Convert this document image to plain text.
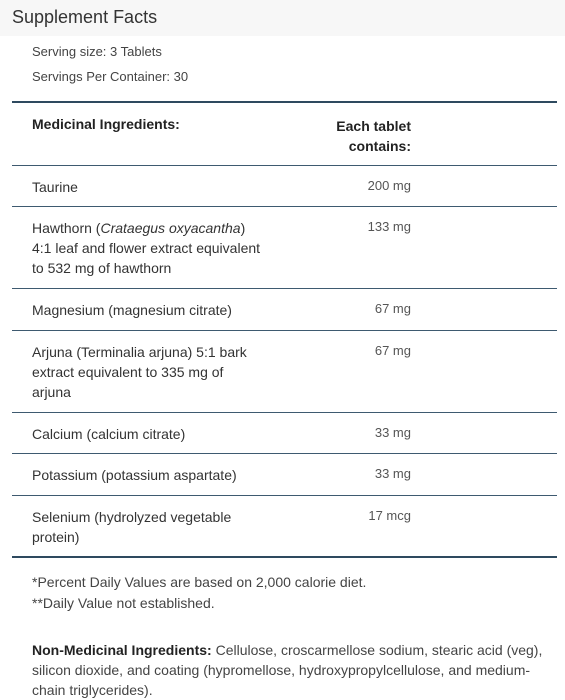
Supplement Facts
Serving size: 3 Tablets
Servings Per Container: 30
Medicinal Ingredients:	Each tablet
contains:
Taurine	200 mg
Hawthorn (Crataegus oxyacantha)
4:1 leaf and flower extract equivalent
to 532 mg of hawthorn
133 mg
Magnesium (magnesium citrate)	67 mg
Arjuna (Terminalia arjuna) 5:1 bark
extract equivalent to 335 mg of
arjuna
67 mg
Calcium (calcium citrate)	33 mg
Potassium (potassium aspartate)	33 mg
Selenium (hydrolyzed vegetable
protein)
17 mcg
*Percent Daily Values are based on 2,000 calorie diet.
**Daily Value not established.
Non-Medicinal Ingredients: Cellulose, croscarmellose sodium, stearic acid (veg), silicon dioxide, and coating (hypromellose, hydroxypropylcellulose, and medium-chain triglycerides).
